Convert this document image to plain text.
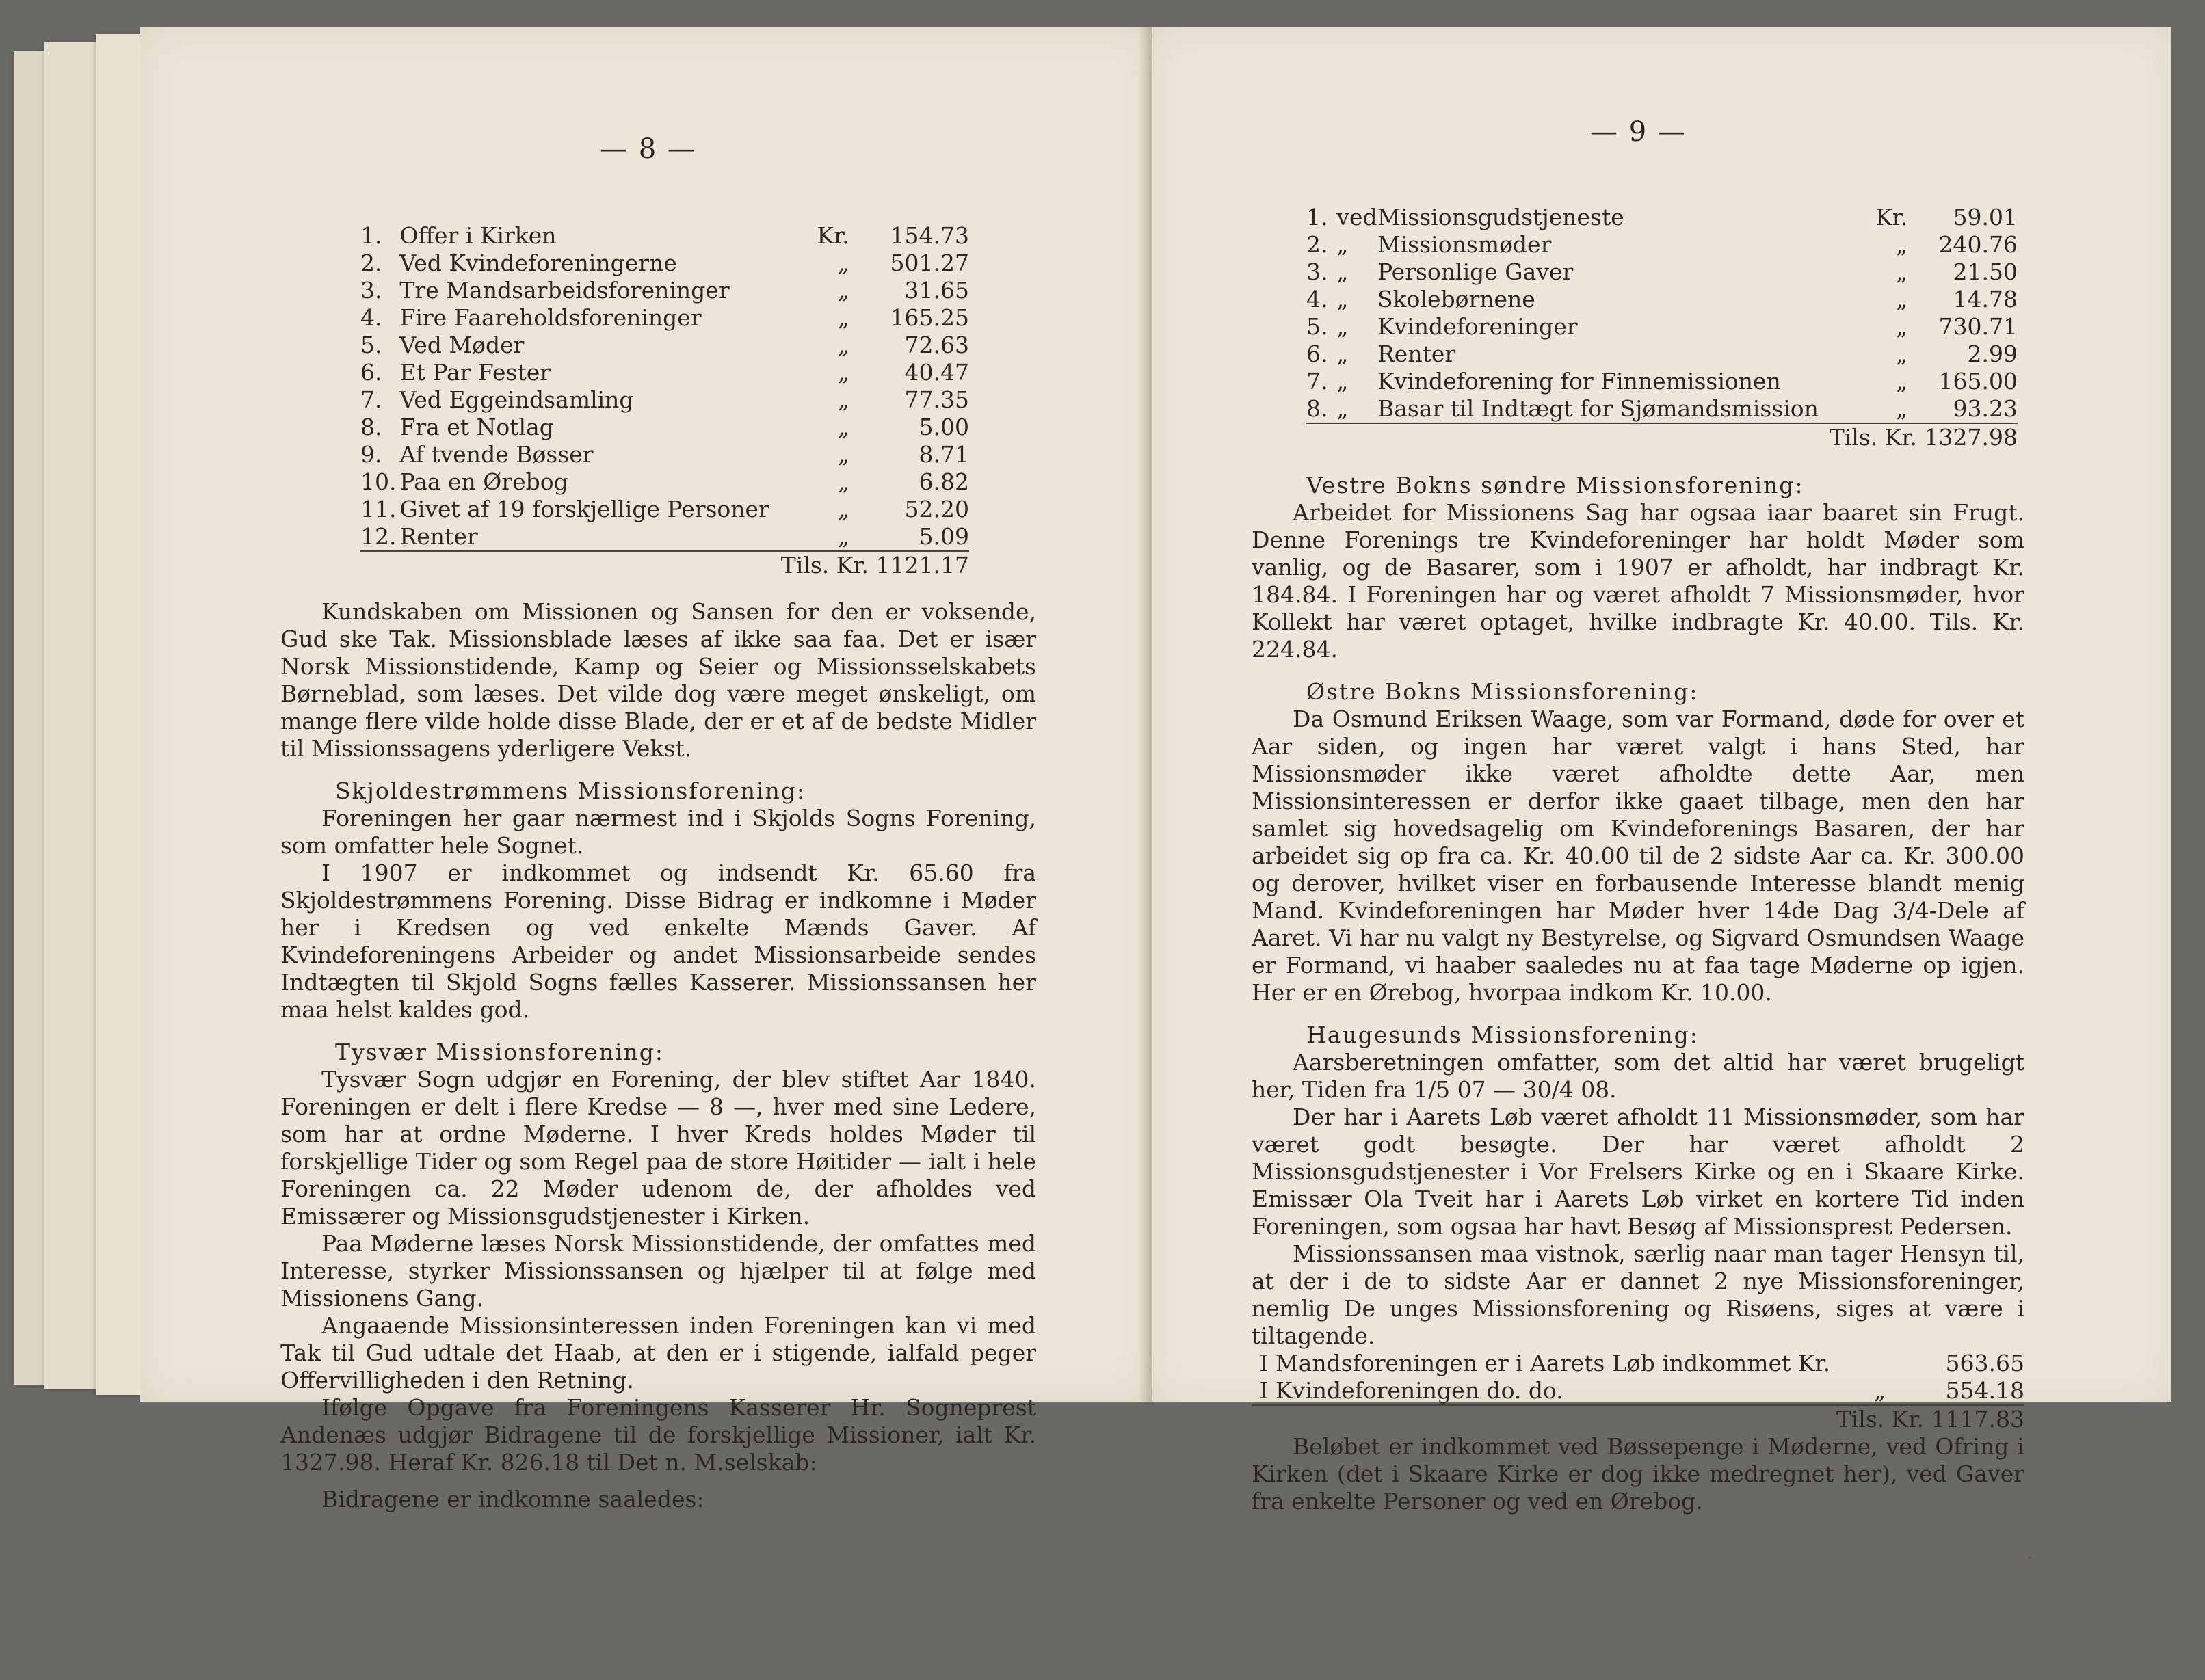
— 8 —
1.	Offer i Kirken	Kr.	154.73
2.	Ved Kvindeforeningerne	„	501.27
3.	Tre Mandsarbeidsforeninger	„	31.65
4.	Fire Faareholdsforeninger	„	165.25
5.	Ved Møder	„	72.63
6.	Et Par Fester	„	40.47
7.	Ved Eggeindsamling	„	77.35
8.	Fra et Notlag	„	5.00
9.	Af tvende Bøsser	„	8.71
10.	Paa en Ørebog	„	6.82
11.	Givet af 19 forskjellige Personer	„	52.20
12.	Renter	„	5.09
		Tils. Kr. 1121.17	

Kundskaben om Missionen og Sansen for den er voksende, Gud ske Tak. Missionsblade læses af ikke saa faa. Det er især Norsk Missionstidende, Kamp og Seier og Missionsselskabets Børneblad, som læses. Det vilde dog være meget ønskeligt, om mange flere vilde holde disse Blade, der er et af de bedste Midler til Missionssagens yderligere Vekst.

Skjoldestrømmens Missionsforening:

Foreningen her gaar nærmest ind i Skjolds Sogns Forening, som omfatter hele Sognet.

I 1907 er indkommet og indsendt Kr. 65.60 fra Skjoldestrømmens Forening. Disse Bidrag er indkomne i Møder her i Kredsen og ved enkelte Mænds Gaver. Af Kvindeforeningens Arbeider og andet Missionsarbeide sendes Indtægten til Skjold Sogns fælles Kasserer. Missionssansen her maa helst kaldes god.

Tysvær Missionsforening:

Tysvær Sogn udgjør en Forening, der blev stiftet Aar 1840. Foreningen er delt i flere Kredse — 8 —, hver med sine Ledere, som har at ordne Møderne. I hver Kreds holdes Møder til forskjellige Tider og som Regel paa de store Høitider — ialt i hele Foreningen ca. 22 Møder udenom de, der afholdes ved Emissærer og Missionsgudstjenester i Kirken.

Paa Møderne læses Norsk Missionstidende, der omfattes med Interesse, styrker Missionssansen og hjælper til at følge med Missionens Gang.

Angaaende Missionsinteressen inden Foreningen kan vi med Tak til Gud udtale det Haab, at den er i stigende, ialfald peger Offervilligheden i den Retning.

Ifølge Opgave fra Foreningens Kasserer Hr. Sogneprest Andenæs udgjør Bidragene til de forskjellige Missioner, ialt Kr. 1327.98. Heraf Kr. 826.18 til Det n. M.selskab:

Bidragene er indkomne saaledes:

— 9 —
1.	ved	Missionsgudstjeneste	Kr.	59.01
2.	„	Missionsmøder	„	240.76
3.	„	Personlige Gaver	„	21.50
4.	„	Skolebørnene	„	14.78
5.	„	Kvindeforeninger	„	730.71
6.	„	Renter	„	2.99
7.	„	Kvindeforening for Finnemissionen	„	165.00
8.	„	Basar til Indtægt for Sjømandsmission	„	93.23
			Tils. Kr. 1327.98	

Vestre Bokns søndre Missionsforening:

Arbeidet for Missionens Sag har ogsaa iaar baaret sin Frugt. Denne Forenings tre Kvindeforeninger har holdt Møder som vanlig, og de Basarer, som i 1907 er afholdt, har indbragt Kr. 184.84. I Foreningen har og været afholdt 7 Missionsmøder, hvor Kollekt har været optaget, hvilke indbragte Kr. 40.00. Tils. Kr. 224.84.

Østre Bokns Missionsforening:

Da Osmund Eriksen Waage, som var Formand, døde for over et Aar siden, og ingen har været valgt i hans Sted, har Missionsmøder ikke været afholdte dette Aar, men Missionsinteressen er derfor ikke gaaet tilbage, men den har samlet sig hovedsagelig om Kvindeforenings Basaren, der har arbeidet sig op fra ca. Kr. 40.00 til de 2 sidste Aar ca. Kr. 300.00 og derover, hvilket viser en forbausende Interesse blandt menig Mand. Kvindeforeningen har Møder hver 14de Dag 3/4-Dele af Aaret. Vi har nu valgt ny Bestyrelse, og Sigvard Osmundsen Waage er Formand, vi haaber saaledes nu at faa tage Møderne op igjen. Her er en Ørebog, hvorpaa indkom Kr. 10.00.

Haugesunds Missionsforening:

Aarsberetningen omfatter, som det altid har været brugeligt her, Tiden fra 1/5 07 — 30/4 08.

Der har i Aarets Løb været afholdt 11 Missionsmøder, som har været godt besøgte. Der har været afholdt 2 Missionsgudstjenester i Vor Frelsers Kirke og en i Skaare Kirke. Emissær Ola Tveit har i Aarets Løb virket en kortere Tid inden Foreningen, som ogsaa har havt Besøg af Missionsprest Pedersen.

Missionssansen maa vistnok, særlig naar man tager Hensyn til, at der i de to sidste Aar er dannet 2 nye Missionsforeninger, nemlig De unges Missionsforening og Risøens, siges at være i tiltagende.

	I Mandsforeningen er i Aarets Løb indkommet Kr.		563.65
	I Kvindeforeningen do. do.	„	554.18
		Tils. Kr. 1117.83	

Beløbet er indkommet ved Bøssepenge i Møderne, ved Ofring i Kirken (det i Skaare Kirke er dog ikke medregnet her), ved Gaver fra enkelte Personer og ved en Ørebog.
